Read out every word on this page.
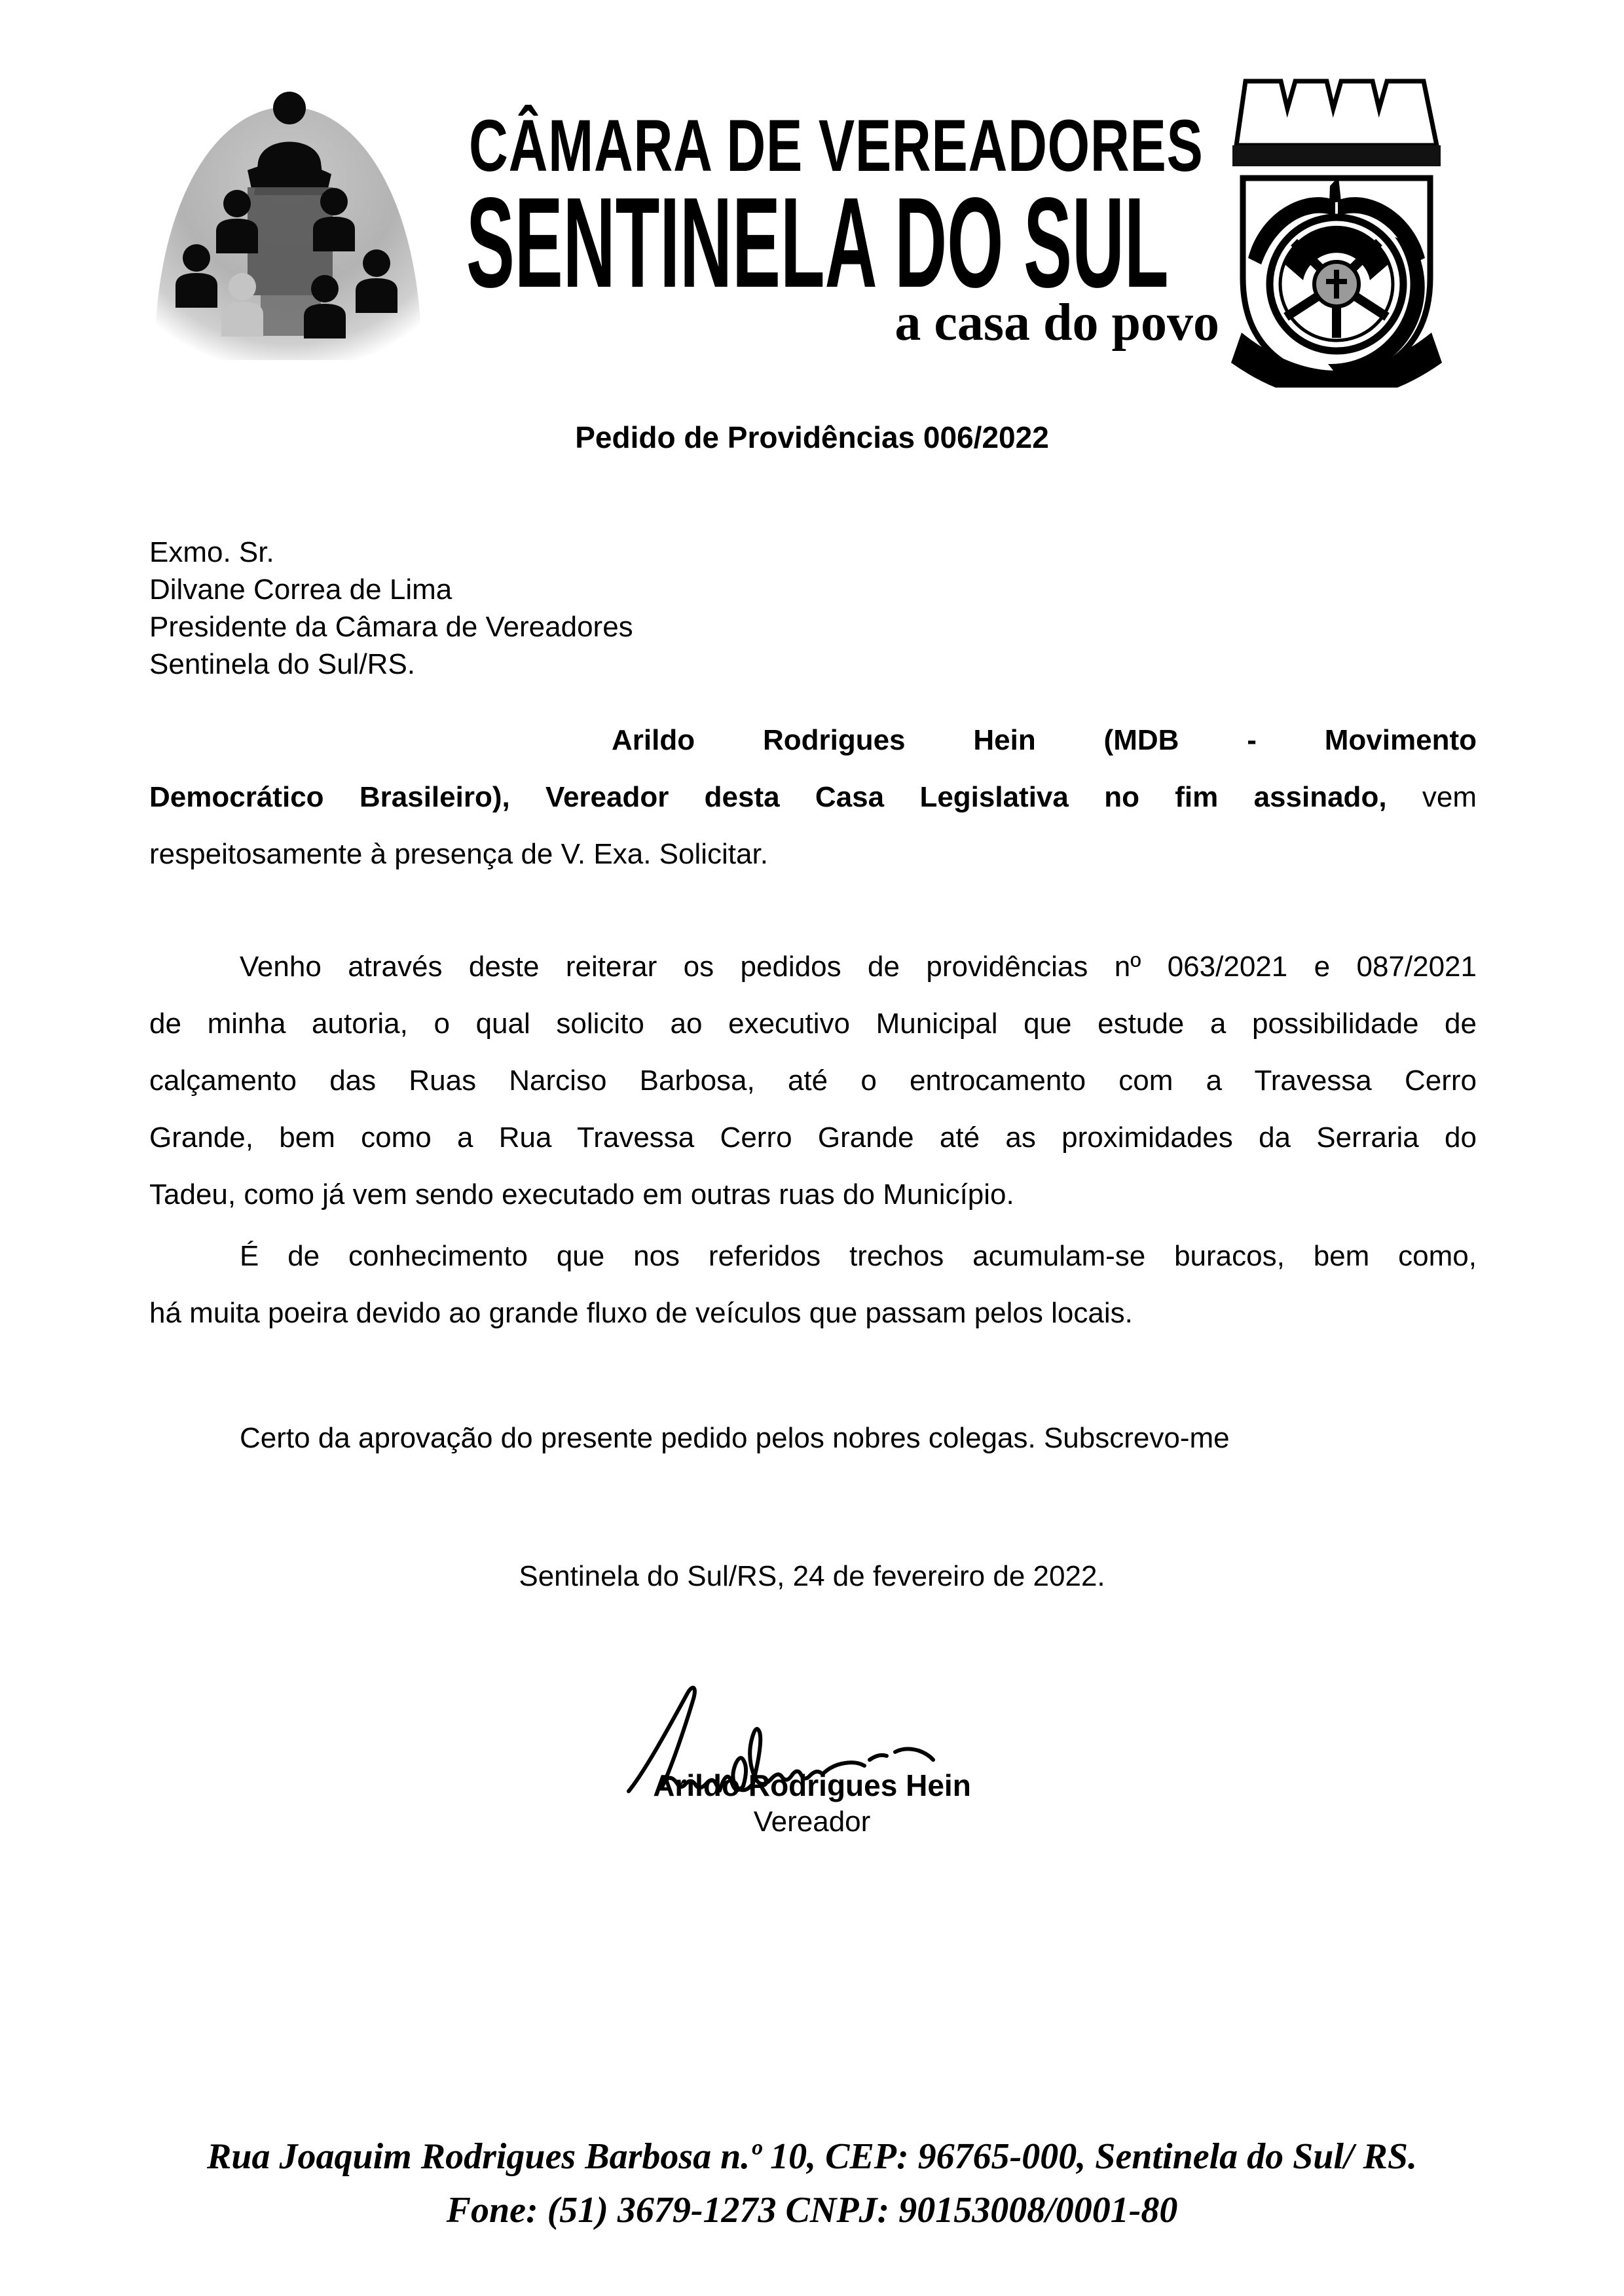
CÂMARA DE VEREADORES
SENTINELA DO SUL
a casa do povo
Pedido de Providências 006/2022
Exmo. Sr.
Dilvane Correa de Lima
Presidente da Câmara de Vereadores
Sentinela do Sul/RS.
Arildo Rodrigues Hein (MDB - Movimento
Democrático Brasileiro), Vereador desta Casa Legislativa no fim assinado, vem
respeitosamente à presença de V. Exa. Solicitar.
Venho através deste reiterar os pedidos de providências nº 063/2021 e 087/2021
de minha autoria, o qual solicito ao executivo Municipal que estude a possibilidade de
calçamento das Ruas Narciso Barbosa, até o entrocamento com a Travessa Cerro
Grande, bem como a Rua Travessa Cerro Grande até as proximidades da Serraria do
Tadeu, como já vem sendo executado em outras ruas do Município.
É de conhecimento que nos referidos trechos acumulam-se buracos, bem como,
há muita poeira devido ao grande fluxo de veículos que passam pelos locais.
Certo da aprovação do presente pedido pelos nobres colegas. Subscrevo-me
Sentinela do Sul/RS, 24 de fevereiro de 2022.
Arildo Rodrigues Hein
Vereador
Rua Joaquim Rodrigues Barbosa n.º 10, CEP: 96765-000, Sentinela do Sul/ RS.
Fone: (51) 3679-1273 CNPJ: 90153008/0001-80
